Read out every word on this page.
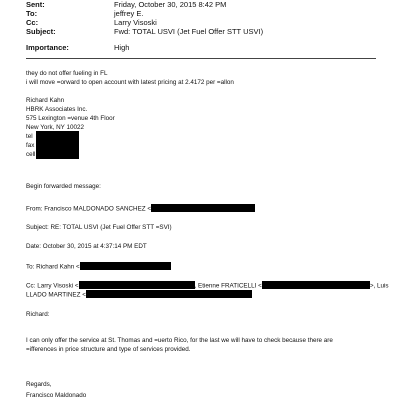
Sent:	Friday, October 30, 2015 8:42 PM
To:	jeffrey E.
Cc:	Larry Visoski
Subject:	Fwd: TOTAL USVI (Jet Fuel Offer STT USVI)
Importance:	High
they do not offer fueling in FL
i will move =orward to open account with latest pricing at 2.4172 per =allon
Richard Kahn
HBRK Associates Inc.
575 Lexington =venue 4th Floor
New York, NY 10022
tel
fax
cell
Begin forwarded message:
From: Francisco MALDONADO SANCHEZ <
Subject: RE: TOTAL USVI (Jet Fuel Offer STT =SVI)
Date: October 30, 2015 at 4:37:14 PM EDT
To: Richard Kahn <
Cc: Larry Visoski <	, Etienne FRATICELLI <	>, Luis
LLADO MARTINEZ <
Richard:
I can only offer the service at St. Thomas and =uerto Rico, for the last we will have to check because there are
=ifferences in price structure and type of services provided.
Regards,
Francisco Maldonado
